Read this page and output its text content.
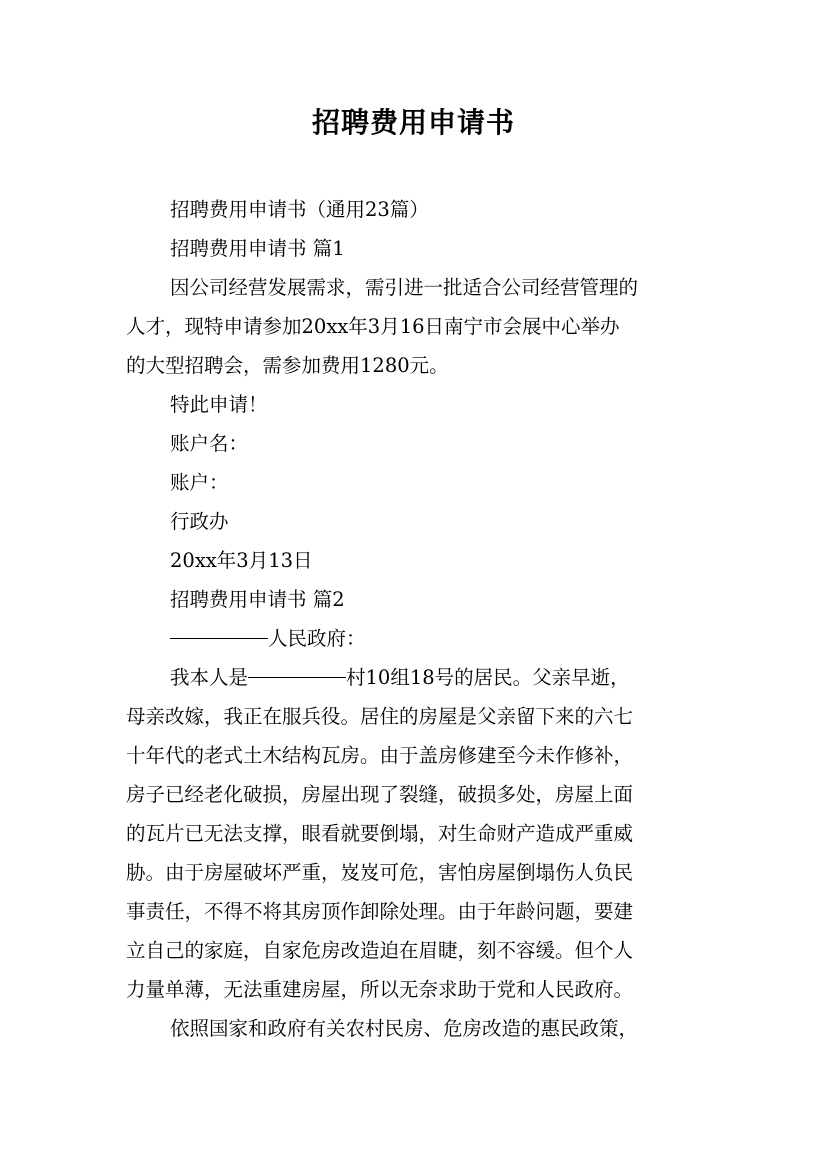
招聘费用申请书
招聘费用申请书（通用23篇）
招聘费用申请书 篇1
因公司经营发展需求，需引进一批适合公司经营管理的
人才，现特申请参加20xx年3月16日南宁市会展中心举办
的大型招聘会，需参加费用1280元。
特此申请！
账户名：
账户：
行政办
20xx年3月13日
招聘费用申请书 篇2
人民政府：
我本人是	村10组18号的居民。父亲早逝，
母亲改嫁，我正在服兵役。居住的房屋是父亲留下来的六七
十年代的老式土木结构瓦房。由于盖房修建至今未作修补，
房子已经老化破损，房屋出现了裂缝，破损多处，房屋上面
的瓦片已无法支撑，眼看就要倒塌，对生命财产造成严重威
胁。由于房屋破坏严重，岌岌可危，害怕房屋倒塌伤人负民
事责任，不得不将其房顶作卸除处理。由于年龄问题，要建
立自己的家庭，自家危房改造迫在眉睫，刻不容缓。但个人
力量单薄，无法重建房屋，所以无奈求助于党和人民政府。
依照国家和政府有关农村民房、危房改造的惠民政策，
